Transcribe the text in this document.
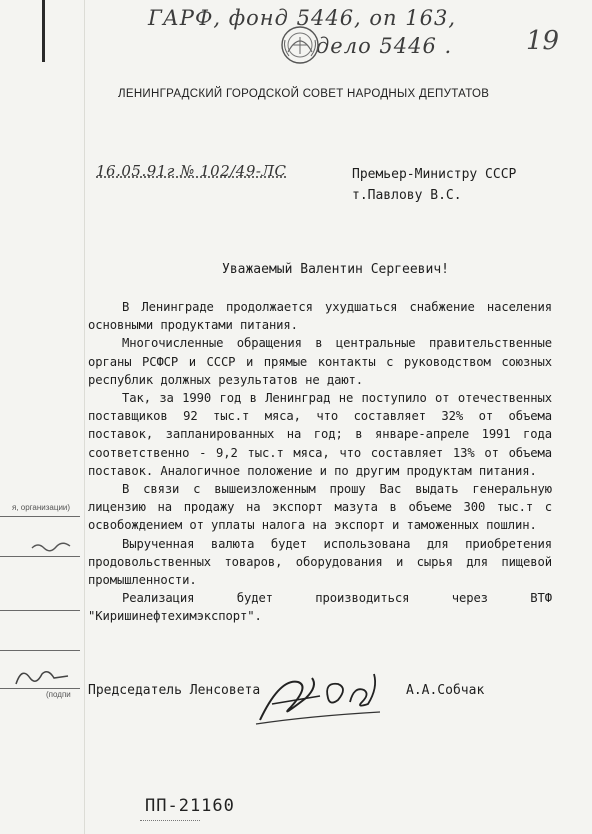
ГАРФ, фонд 5446, оп 163,
дело 5446 .	19
ЛЕНИНГРАДСКИЙ ГОРОДСКОЙ СОВЕТ НАРОДНЫХ ДЕПУТАТОВ
16.05.91г № 102/49-ЛС	Премьер-Министру СССР
т.Павлову В.С.
Уважаемый Валентин Сергеевич!

В Ленинграде продолжается ухудшаться снабжение населения основными продуктами питания.

Многочисленные обращения в центральные правительственные органы РСФСР и СССР и прямые контакты с руководством союзных республик должных результатов не дают.

Так, за 1990 год в Ленинград не поступило от отечественных поставщиков 92 тыс.т мяса, что составляет 32% от объема поставок, запланированных на год; в январе-апреле 1991 года соответственно - 9,2 тыс.т мяса, что составляет 13% от объема поставок. Аналогичное положение и по другим продуктам питания.

В связи с вышеизложенным прошу Вас выдать генеральную лицензию на продажу на экспорт мазута в объеме 300 тыс.т с освобождением от уплаты налога на экспорт и таможенных пошлин.

Вырученная валюта будет использована для приобретения продовольственных товаров, оборудования и сырья для пищевой промышленности.

Реализация будет производиться через ВТФ "Киришинефтехимэкспорт".

я, организации)
(подпи Председатель Ленсовета	А.А.Собчак
ПП-21160
